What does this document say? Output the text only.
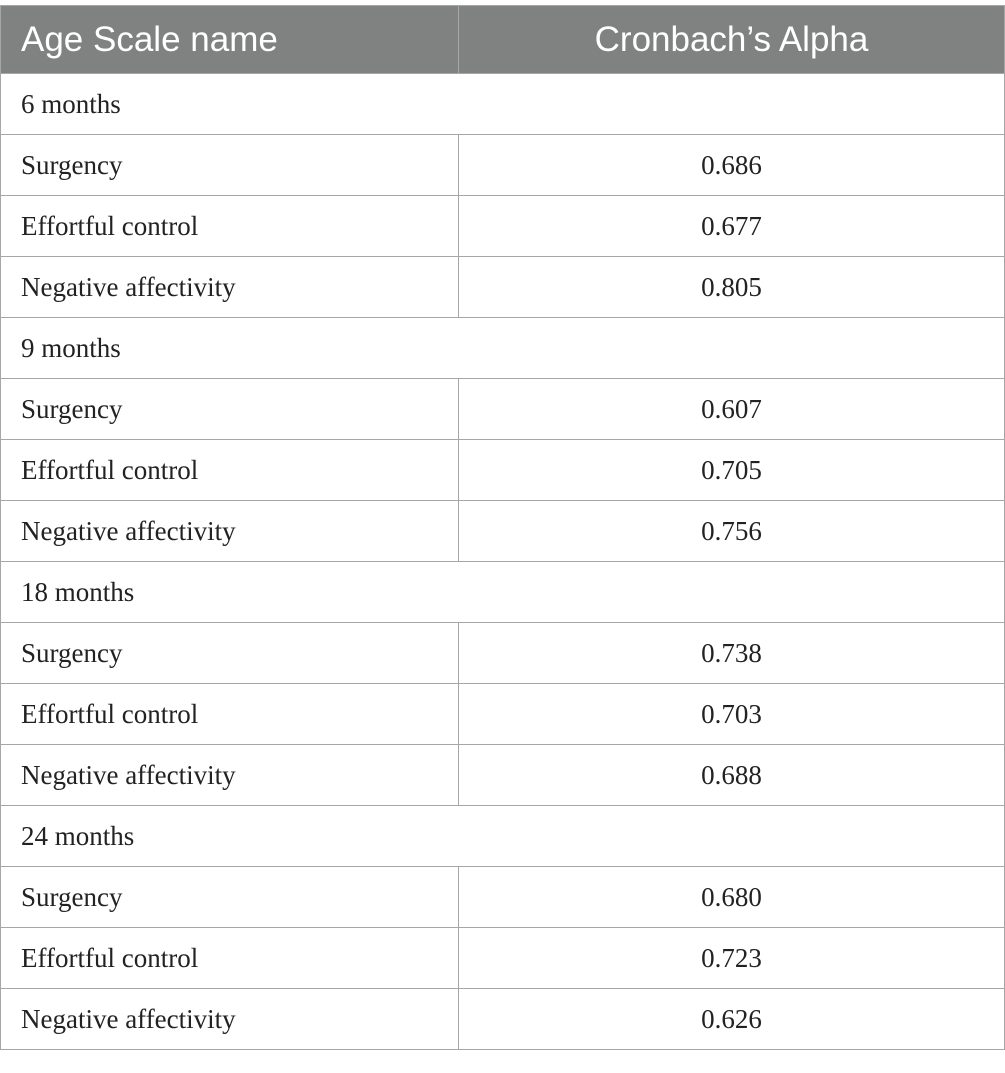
Age Scale name	Cronbach’s Alpha
6 months	
Surgency	0.686
Effortful control	0.677
Negative affectivity	0.805
9 months	
Surgency	0.607
Effortful control	0.705
Negative affectivity	0.756
18 months	
Surgency	0.738
Effortful control	0.703
Negative affectivity	0.688
24 months	
Surgency	0.680
Effortful control	0.723
Negative affectivity	0.626
